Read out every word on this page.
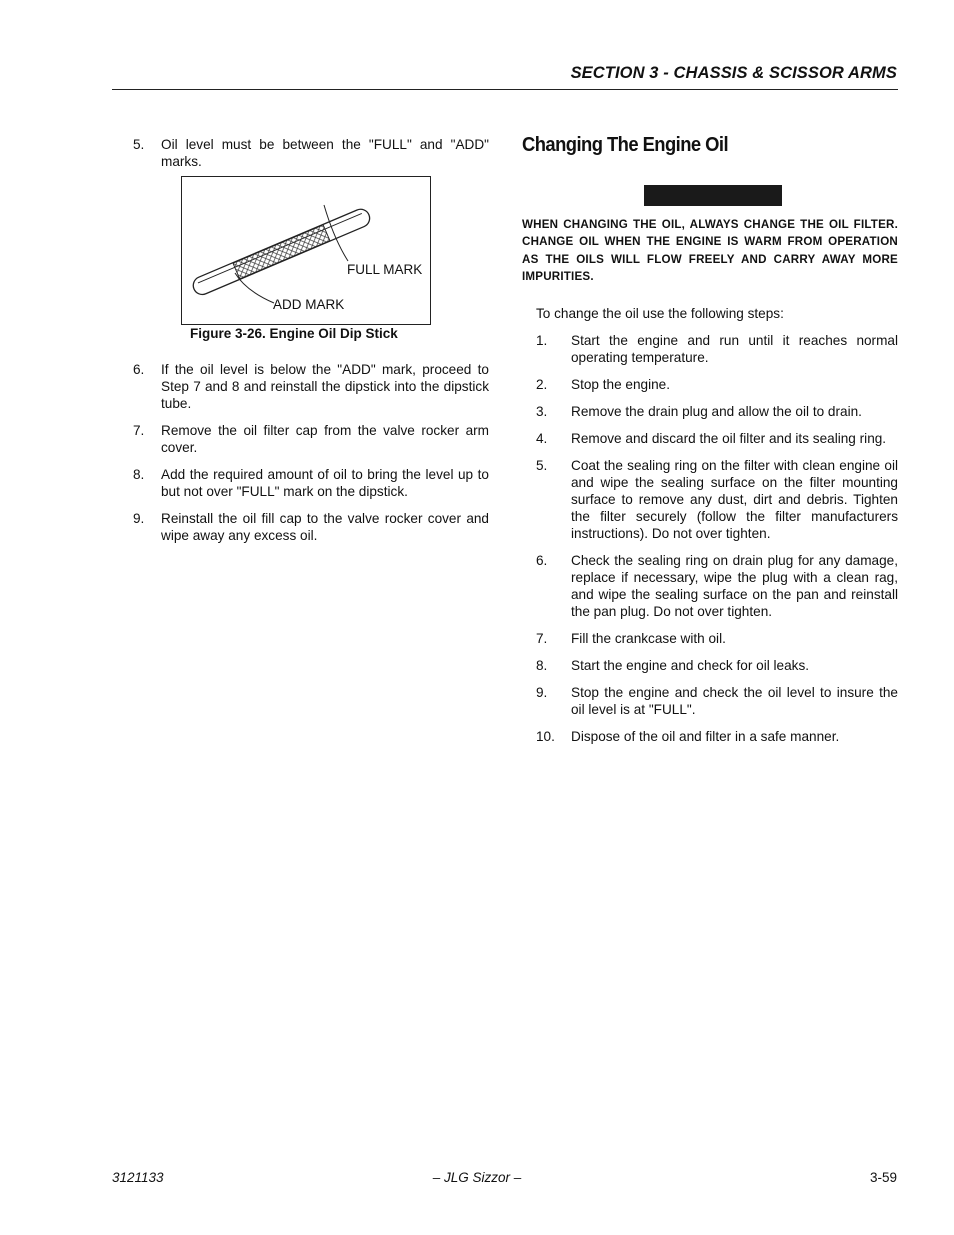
SECTION 3 - CHASSIS & SCISSOR ARMS
5.	Oil level must be between the "FULL" and "ADD" marks.
FULL MARK
ADD MARK
Figure 3-26. Engine Oil Dip Stick
6.	If the oil level is below the "ADD" mark, proceed to Step 7 and 8 and reinstall the dipstick into the dipstick tube.
7.	Remove the oil filter cap from the valve rocker arm cover.
8.	Add the required amount of oil to bring the level up to but not over "FULL" mark on the dipstick.
9.	Reinstall the oil fill cap to the valve rocker cover and wipe away any excess oil.
Changing The Engine Oil
WHEN CHANGING THE OIL, ALWAYS CHANGE THE OIL FILTER. CHANGE OIL WHEN THE ENGINE IS WARM FROM OPERATION AS THE OILS WILL FLOW FREELY AND CARRY AWAY MORE IMPURITIES.
To change the oil use the following steps:
1.	Start the engine and run until it reaches normal operating temperature.
2.	Stop the engine.
3.	Remove the drain plug and allow the oil to drain.
4.	Remove and discard the oil filter and its sealing ring.
5.	Coat the sealing ring on the filter with clean engine oil and wipe the sealing surface on the filter mounting surface to remove any dust, dirt and debris. Tighten the filter securely (follow the filter manufacturers instructions). Do not over tighten.
6.	Check the sealing ring on drain plug for any damage, replace if necessary, wipe the plug with a clean rag, and wipe the sealing surface on the pan and reinstall the pan plug. Do not over tighten.
7.	Fill the crankcase with oil.
8.	Start the engine and check for oil leaks.
9.	Stop the engine and check the oil level to insure the oil level is at "FULL".
10.	Dispose of the oil and filter in a safe manner.
3121133	– JLG Sizzor –	3-59
